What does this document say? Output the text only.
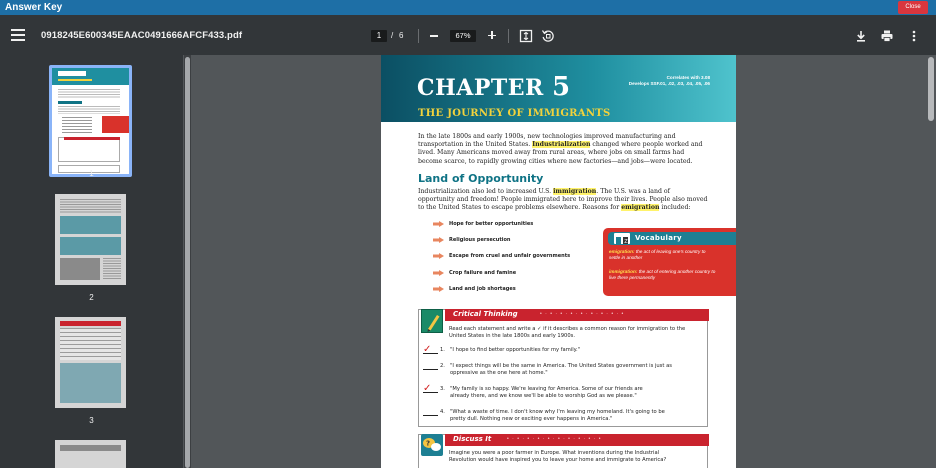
Answer Key	Close
0918245E600345EAAC0491666AFCF433.pdf	1	/ 6	67%
1
2
3
CHAPTER 5
THE JOURNEY OF IMMIGRANTS
Correlates with 3.08
Develops SSF.01, .02, .03, .04, .05, .06
In the late 1800s and early 1900s, new technologies improved manufacturing and transportation in the United States. Industrialization changed where people worked and lived. Many Americans moved away from rural areas, where jobs on small farms had become scarce, to rapidly growing cities where new factories—and jobs—were located.
Land of Opportunity
Industrialization also led to increased U.S. immigration. The U.S. was a land of opportunity and freedom! People immigrated here to improve their lives. People also moved to the United States to escape problems elsewhere. Reasons for emigration included:
Hope for better opportunities
Religious persecution
Escape from cruel and unfair governments
Crop failure and famine
Land and job shortages
Z Vocabulary
emigration: the act of leaving one's country to settle in another
immigration: the act of entering another country to live there permanently
Critical Thinking	• · • · • · • · • · • · • · • · •
Read each statement and write a ✓ if it describes a common reason for immigration to the United States in the late 1800s and early 1900s.
✓ 1. "I hope to find better opportunities for my family."
2. "I expect things will be the same in America. The United States government is just as
oppressive as the one here at home."
✓ 3. "My family is so happy. We're leaving for America. Some of our friends are
already there, and we know we'll be able to worship God as we please."
4. "What a waste of time. I don't know why I'm leaving my homeland. It's going to be
pretty dull. Nothing new or exciting ever happens in America."
?
Discuss It	• · • · • · • · • · • · • · • · • · •
Imagine you were a poor farmer in Europe. What inventions during the Industrial
Revolution would have inspired you to leave your home and immigrate to America?
